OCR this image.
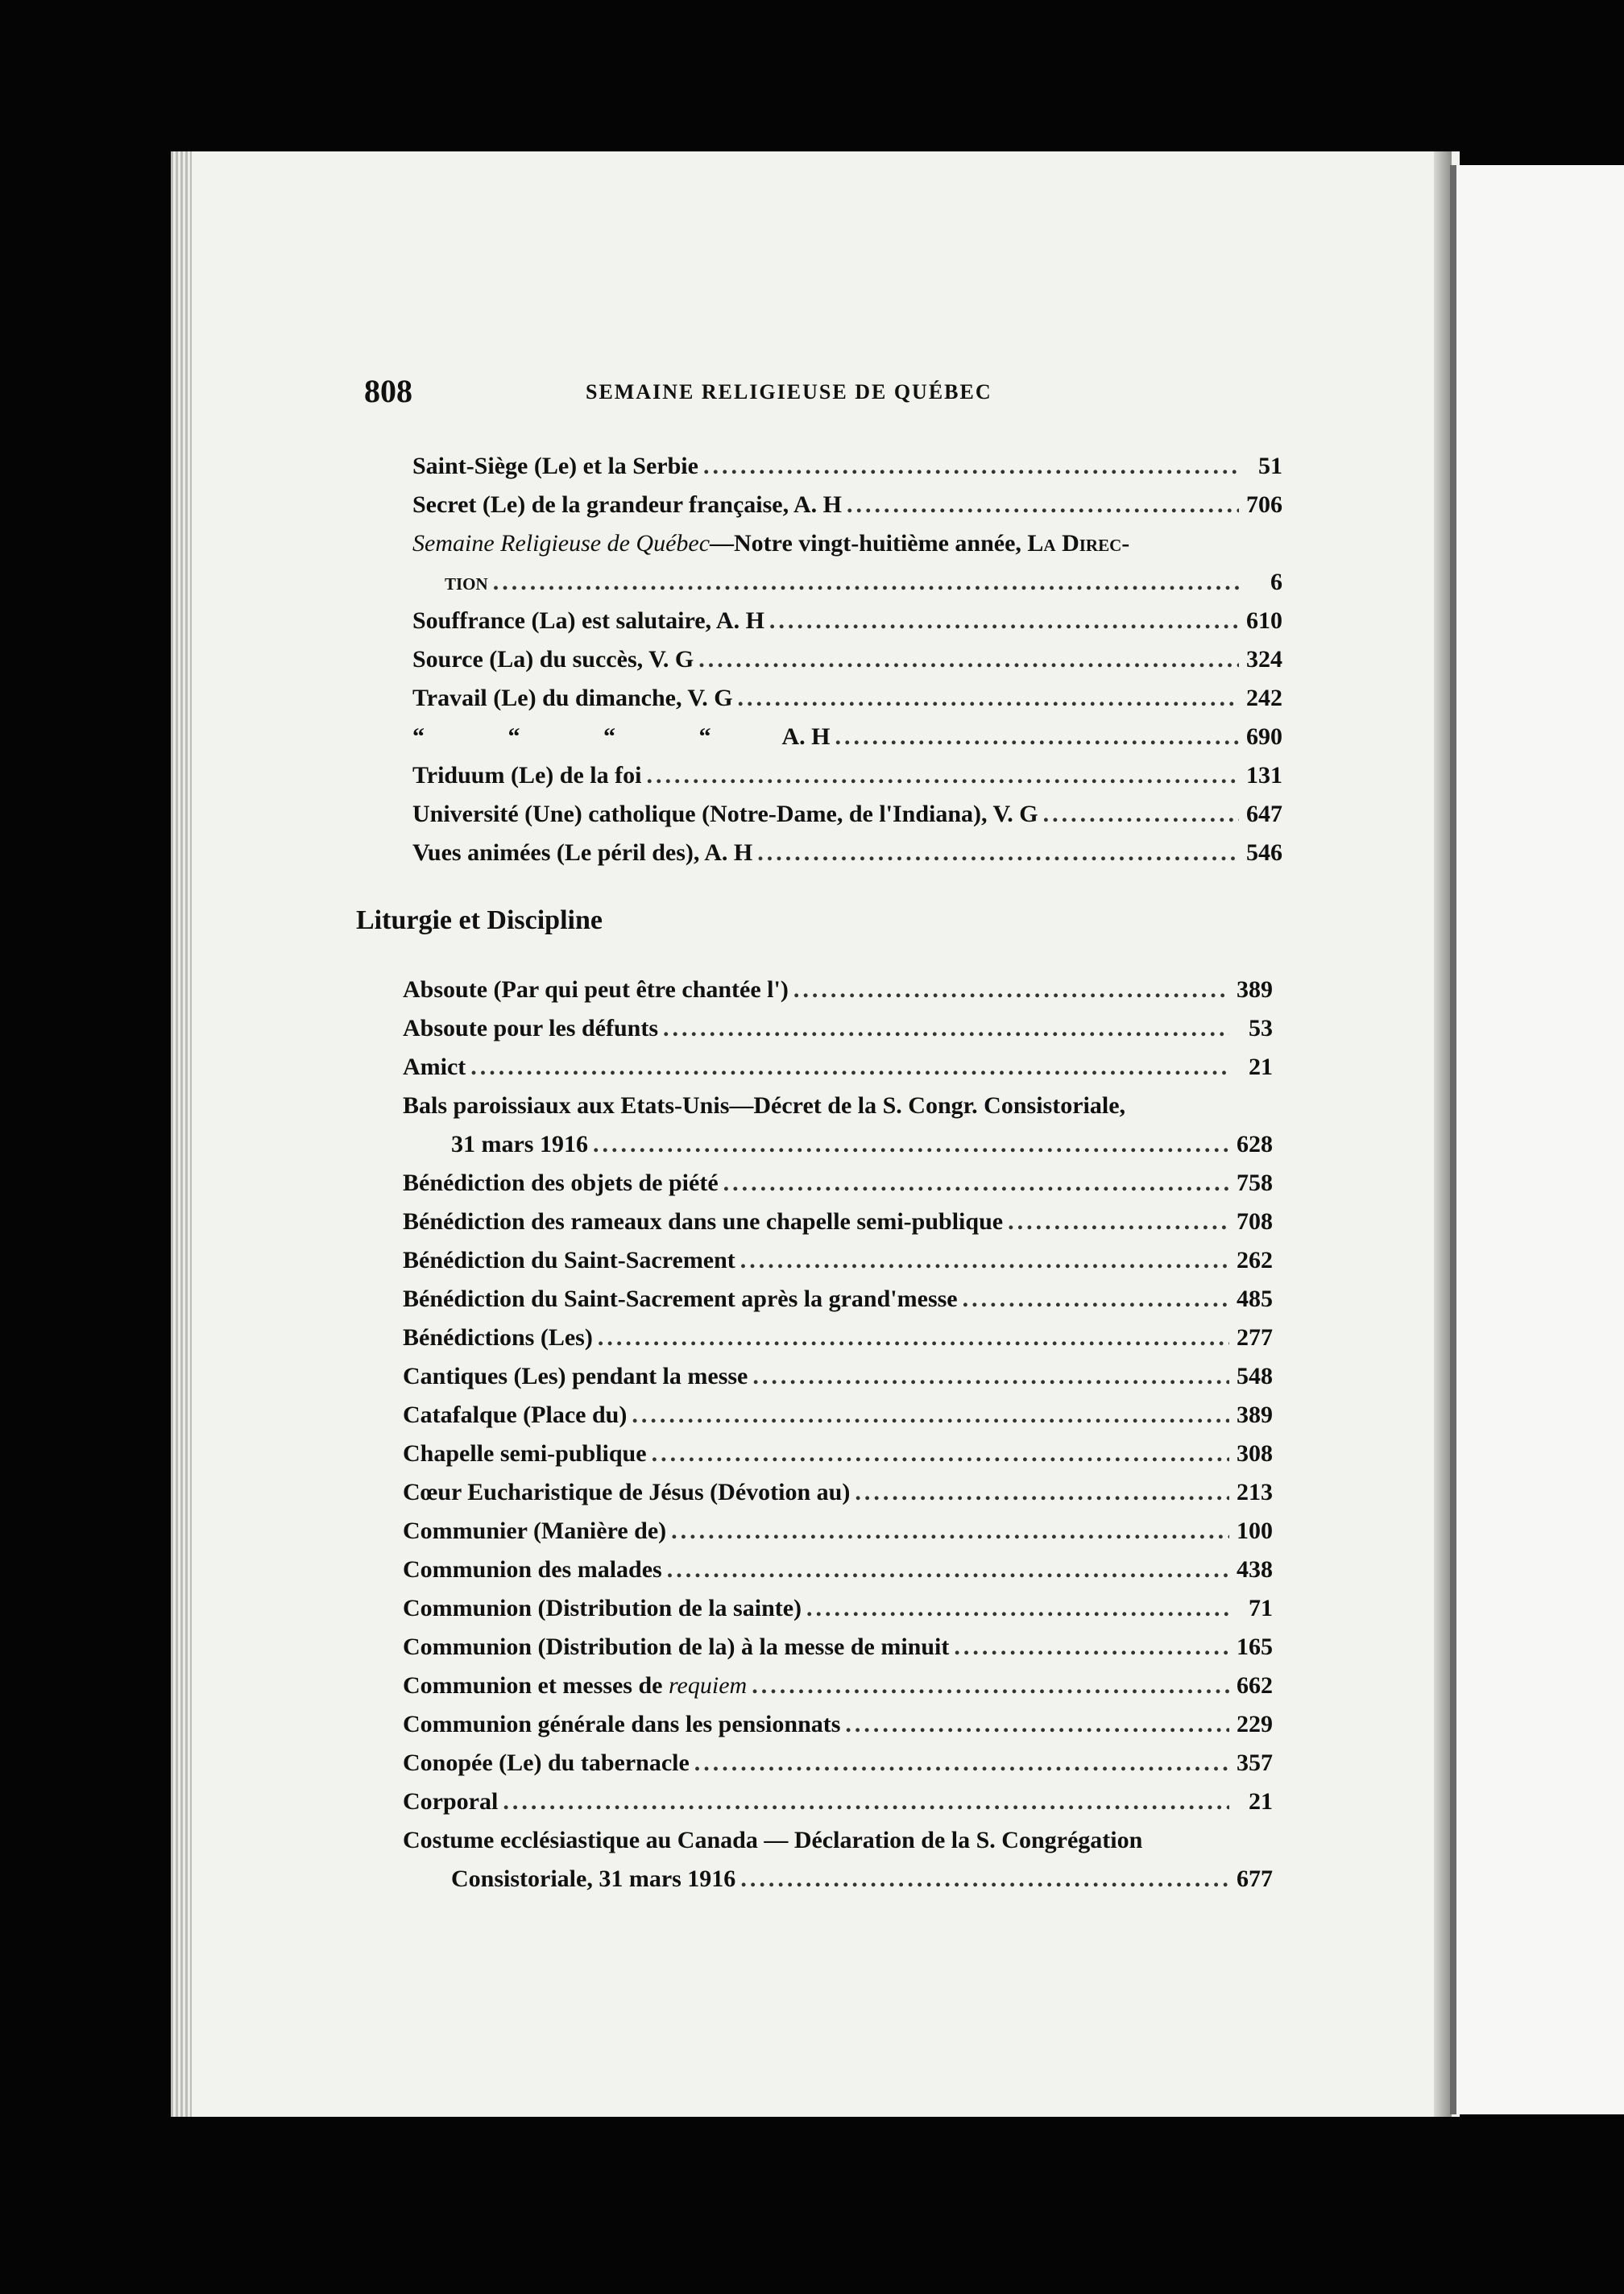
808	SEMAINE RELIGIEUSE DE QUÉBEC
Saint-Siège (Le) et la Serbie .....	51
Secret (Le) de la grandeur française, A. H .....	706
Semaine Religieuse de Québec—Notre vingt-huitième année, La Direc-
tion .....	6
Souffrance (La) est salutaire, A. H .....	610
Source (La) du succès, V. G .....	324
Travail (Le) du dimanche, V. G .....	242
“ “ “ “ A. H .....	690
Triduum (Le) de la foi .....	131
Université (Une) catholique (Notre-Dame, de l'Indiana), V. G .....	647
Vues animées (Le péril des), A. H .....	546
Liturgie et Discipline
Absoute (Par qui peut être chantée l') .....	389
Absoute pour les défunts .....	53
Amict .....	21
Bals paroissiaux aux Etats-Unis—Décret de la S. Congr. Consistoriale,
31 mars 1916 .....	628
Bénédiction des objets de piété .....	758
Bénédiction des rameaux dans une chapelle semi-publique .....	708
Bénédiction du Saint-Sacrement .....	262
Bénédiction du Saint-Sacrement après la grand'messe .....	485
Bénédictions (Les) .....	277
Cantiques (Les) pendant la messe .....	548
Catafalque (Place du) .....	389
Chapelle semi-publique .....	308
Cœur Eucharistique de Jésus (Dévotion au) .....	213
Communier (Manière de) .....	100
Communion des malades .....	438
Communion (Distribution de la sainte) .....	71
Communion (Distribution de la) à la messe de minuit .....	165
Communion et messes de requiem .....	662
Communion générale dans les pensionnats .....	229
Conopée (Le) du tabernacle .....	357
Corporal .....	21
Costume ecclésiastique au Canada — Déclaration de la S. Congrégation
Consistoriale, 31 mars 1916 .....	677
